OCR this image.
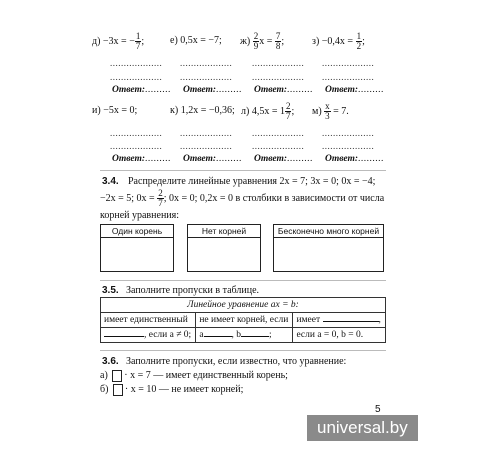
д) −3x = − $\frac{1}{7}$ ;	е) 0,5x = −7; $ж) \frac{2}{9}$ $x = \frac{7}{8}$ ;	$з) -0,4x = \frac{1}{2}$ ;
...................
...................
...................
...................
...................
...................
...................
...................
Ответ:......... Ответ:......... Ответ:......... Ответ:.........
и) −5x = 0;	к) 1,2x = −0,36; л) $4,5x = 1 \frac{2}{7}$ ; $м) \frac{x}{3} = 7$.
...................
...................
...................
...................
...................
...................
...................
...................
Ответ:......... Ответ:......... Ответ:......... Ответ:.........
3.4. Распределите линейные уравнения 2x = 7; 3x = 0; 0x = −4;
−2x = 5; $0x = \frac{2}{7}$ ; 0x = 0; 0,2x = 0 в столбики в зависимости от числа
корней уравнения:
Один корень	Нет корней	Бесконечно много корней
3.5. Заполните пропуски в таблице.
Линейное уравнение ax = b:		
имеет единственный	не имеет корней, если	имеет ,
, если a ≠ 0;	a , b ;	если a = 0, b = 0.
3.6. Заполните пропуски, если известно, что уравнение:
а) · x = 7 — имеет единственный корень;
б) · x = 10 — не имеет корней;
5
universal.by
